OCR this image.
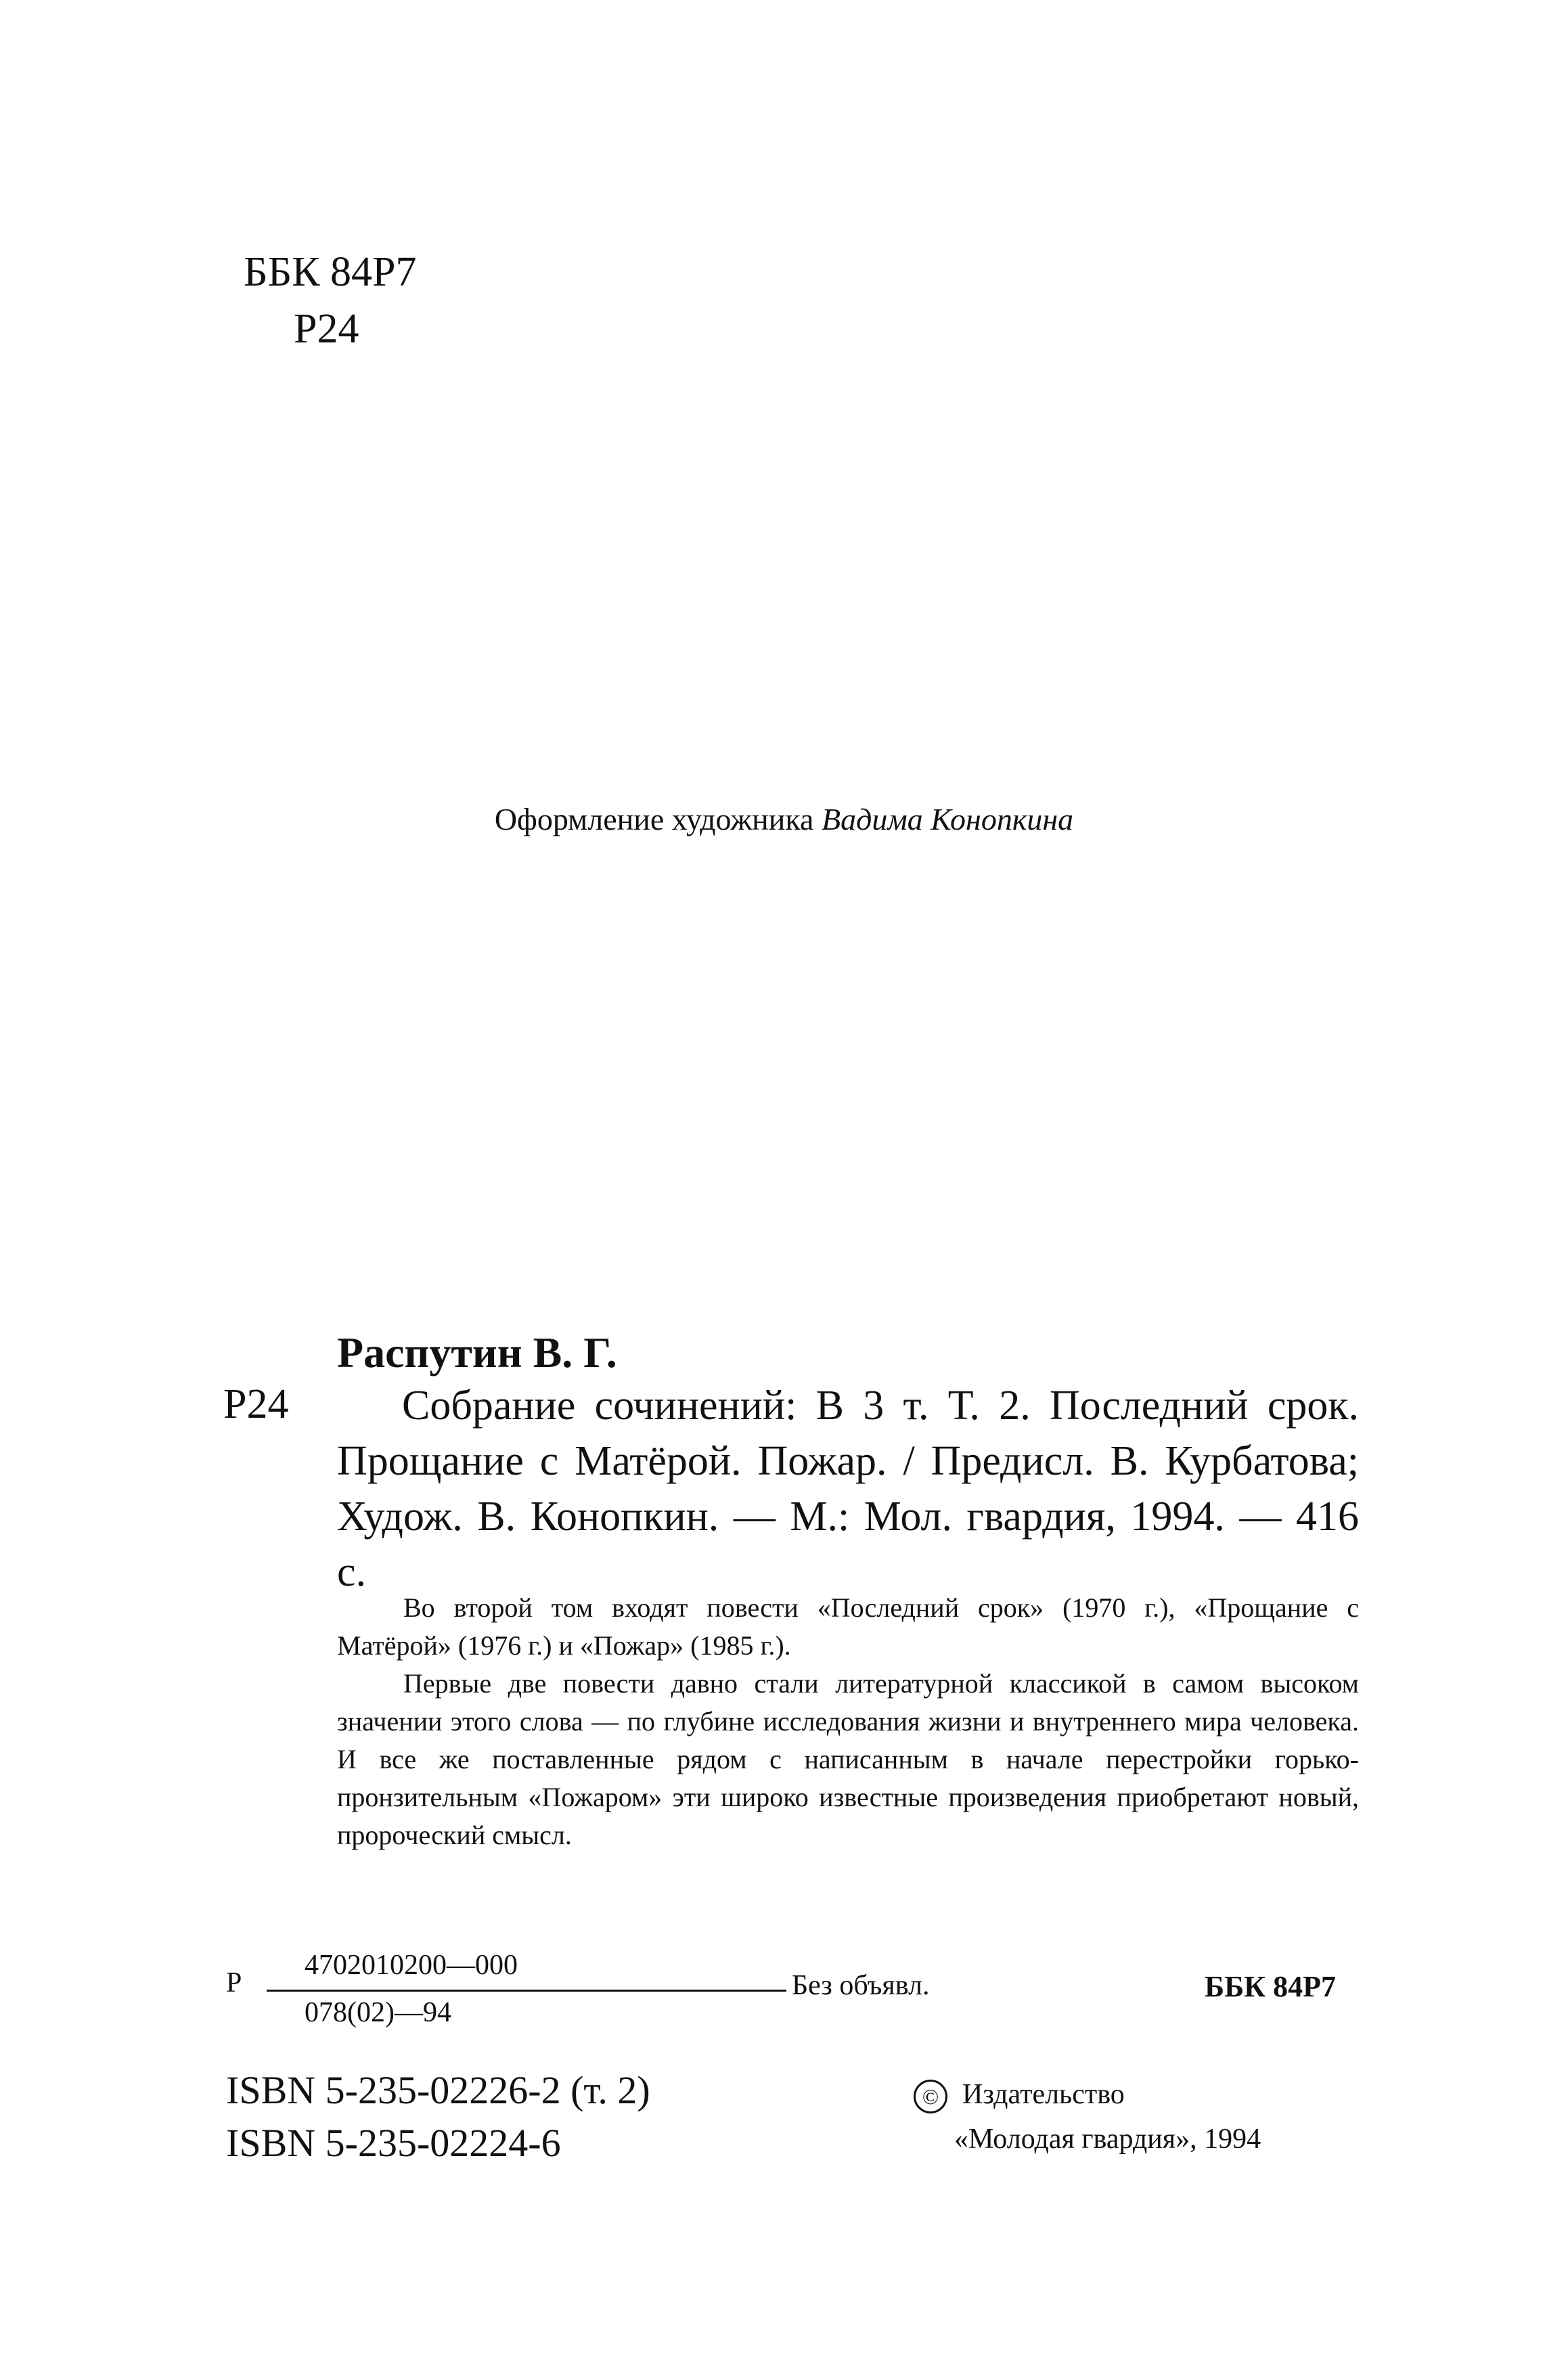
ББК 84Р7
Р24
Оформление художника Вадима Конопкина
Распутин В. Г.
Р24	Собрание сочинений: В 3 т. Т. 2. Последний срок. Прощание с Матёрой. Пожар. / Предисл. В. Курбатова; Худож. В. Конопкин. — М.: Мол. гвардия, 1994. — 416 с.

Во второй том входят повести «Последний срок» (1970 г.), «Прощание с Матёрой» (1976 г.) и «Пожар» (1985 г.).

Первые две повести давно стали литературной классикой в самом высоком значении этого слова — по глубине исследования жизни и внутреннего мира человека. И все же поставленные рядом с написанным в начале перестройки горько-пронзительным «Пожаром» эти широко известные произведения приобретают новый, пророческий смысл.

Р
4702010200—000
078(02)—94
Без объявл.	ББК 84Р7
ISBN 5-235-02226-2 (т. 2)
ISBN 5-235-02224-6
© Издательство
«Молодая гвардия», 1994
